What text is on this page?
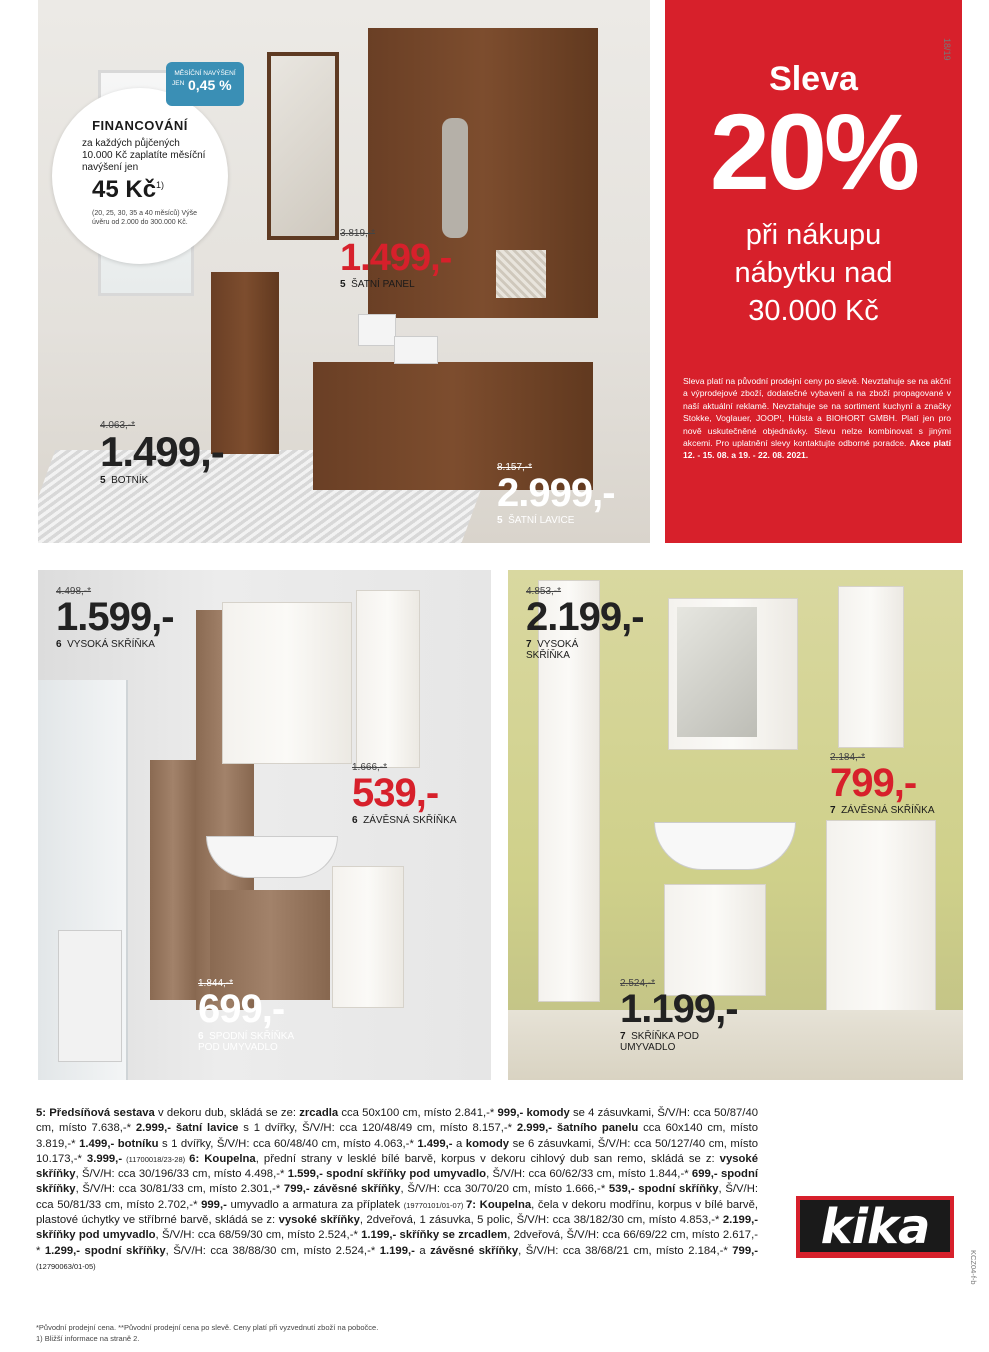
Sleva
20%
při nákupu
nábytku nad
30.000 Kč
Sleva platí na původní prodejní ceny po slevě. Nevztahuje se na akční a výprodejové zboží, dodatečné vybavení a na zboží propagované v naší aktuální reklamě. Nevztahuje se na sortiment kuchyní a značky Stokke, Voglauer, JOOP!, Hülsta a BIOHORT GMBH. Platí jen pro nově uskutečněné objednávky. Slevu nelze kombinovat s jinými akcemi. Pro uplatnění slevy kontaktujte odborné poradce. Akce platí 12. - 15. 08. a 19. - 22. 08. 2021.
18/19
FINANCOVÁNÍ
za každých půjčených 10.000 Kč zaplatíte měsíční navýšení jen
45 $Kč^{1)}$
(20, 25, 30, 35 a 40 měsíců) Výše úvěru od 2.000 do 300.000 Kč.
MĚSÍČNÍ NAVÝŠENÍ
JEN 0,45 %
3.819,-*
1.499,-
5 ŠATNÍ PANEL
4.063,-*
1.499,-
5 BOTNÍK
8.157,-*
2.999,-
5 ŠATNÍ LAVICE
4.498,-*
1.599,-
6 VYSOKÁ SKŘÍŇKA
1.666,-*
539,-
6 ZÁVĚSNÁ SKŘÍŇKA
1.844,-*
699,-
6 SPODNÍ SKŘÍŇKA
POD UMYVADLO
4.853,-*
2.199,-
7 VYSOKÁ
SKŘÍŇKA
2.184,-*
799,-
7 ZÁVĚSNÁ SKŘÍŇKA
2.524,-*
1.199,-
7 SKŘÍŇKA POD
UMYVADLO
5: Předsíňová sestava v dekoru dub, skládá se ze: zrcadla cca 50x100 cm, místo 2.841,-* 999,- komody se 4 zásuvkami, Š/V/H: cca 50/87/40 cm, místo 7.638,-* 2.999,- šatní lavice s 1 dvířky, Š/V/H: cca 120/48/49 cm, místo 8.157,-* 2.999,- šatního panelu cca 60x140 cm, místo 3.819,-* 1.499,- botníku s 1 dvířky, Š/V/H: cca 60/48/40 cm, místo 4.063,-* 1.499,- a komody se 6 zásuvkami, Š/V/H: cca 50/127/40 cm, místo 10.173,-* 3.999,- (11700018/23-28) 6: Koupelna, přední strany v lesklé bílé barvě, korpus v dekoru cihlový dub san remo, skládá se z: vysoké skříňky, Š/V/H: cca 30/196/33 cm, místo 4.498,-* 1.599,- spodní skříňky pod umyvadlo, Š/V/H: cca 60/62/33 cm, místo 1.844,-* 699,- spodní skříňky, Š/V/H: cca 30/81/33 cm, místo 2.301,-* 799,- závěsné skříňky, Š/V/H: cca 30/70/20 cm, místo 1.666,-* 539,- spodní skříňky, Š/V/H: cca 50/81/33 cm, místo 2.702,-* 999,- umyvadlo a armatura za příplatek (19770101/01-07) 7: Koupelna, čela v dekoru modřínu, korpus v bílé barvě, plastové úchytky ve stříbrné barvě, skládá se z: vysoké skříňky, 2dveřová, 1 zásuvka, 5 polic, Š/V/H: cca 38/182/30 cm, místo 4.853,-* 2.199,- skříňky pod umyvadlo, Š/V/H: cca 68/59/30 cm, místo 2.524,-* 1.199,- skříňky se zrcadlem, 2dveřová, Š/V/H: cca 66/69/22 cm, místo 2.617,-* 1.299,- spodní skříňky, Š/V/H: cca 38/88/30 cm, místo 2.524,-* 1.199,- a závěsné skříňky, Š/V/H: cca 38/68/21 cm, místo 2.184,-* 799,- (12790063/01-05)
*Původní prodejní cena. **Původní prodejní cena po slevě. Ceny platí při vyzvednutí zboží na pobočce.
1) Bližší informace na straně 2.
KCZ04-f-b
kika
